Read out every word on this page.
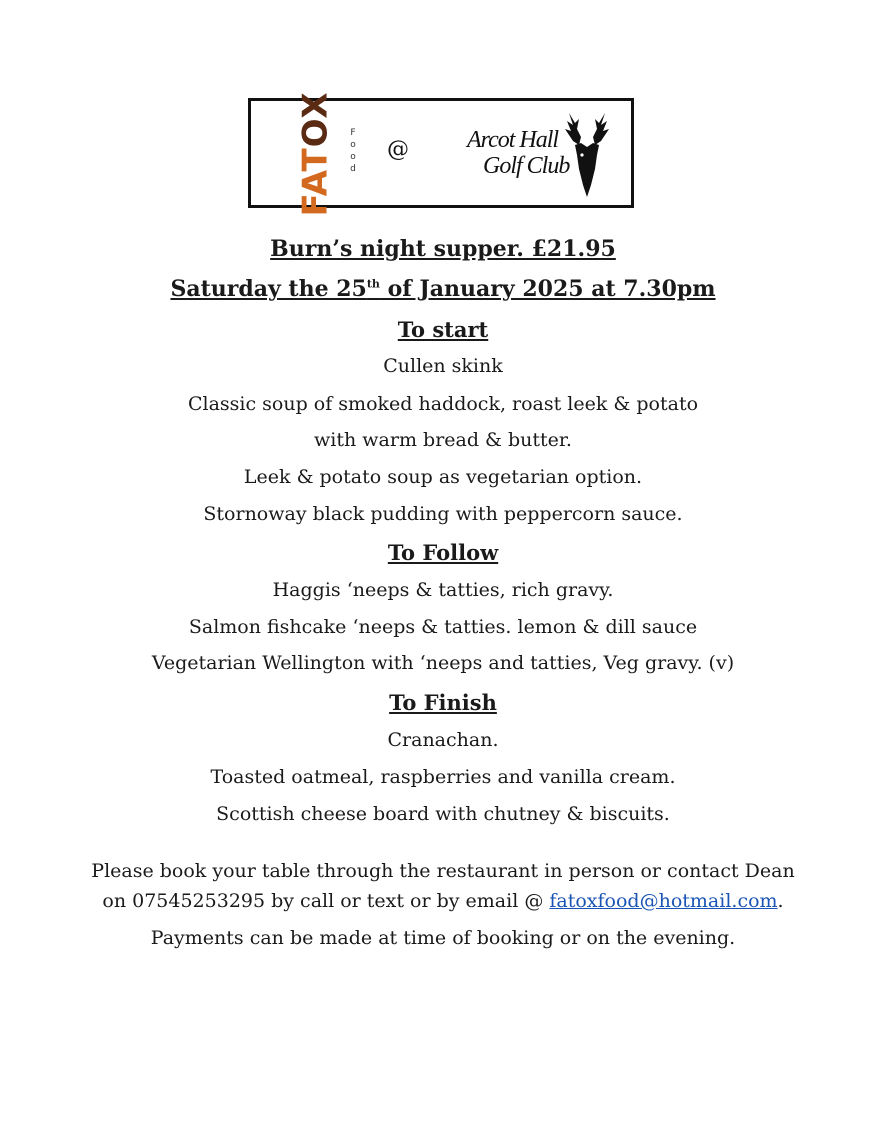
FATOX F
o
o
d
@ Arcot Hall
Golf Club
Burn’s night supper. £21.95
Saturday the 25th of January 2025 at 7.30pm
To start
Cullen skink
Classic soup of smoked haddock, roast leek & potato
with warm bread & butter.
Leek & potato soup as vegetarian option.
Stornoway black pudding with peppercorn sauce.
To Follow
Haggis ‘neeps & tatties, rich gravy.
Salmon fishcake ‘neeps & tatties. lemon & dill sauce
Vegetarian Wellington with ‘neeps and tatties, Veg gravy. (v)
To Finish
Cranachan.
Toasted oatmeal, raspberries and vanilla cream.
Scottish cheese board with chutney & biscuits.
Please book your table through the restaurant in person or contact Dean
on 07545253295 by call or text or by email @ fatoxfood@hotmail.com.
Payments can be made at time of booking or on the evening.
